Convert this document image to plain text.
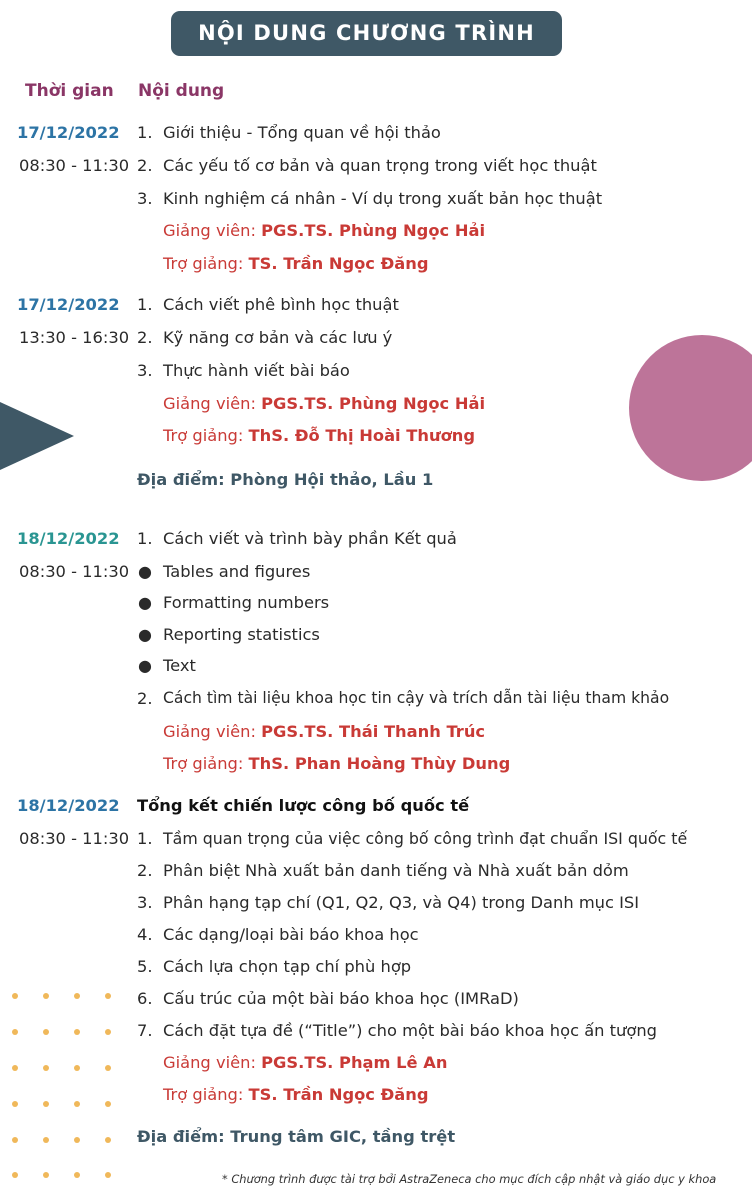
NỘI DUNG CHƯƠNG TRÌNH
Thời gian Nội dung
17/12/2022
08:30 - 11:30
1. Giới thiệu - Tổng quan về hội thảo
2. Các yếu tố cơ bản và quan trọng trong viết học thuật
3. Kinh nghiệm cá nhân - Ví dụ trong xuất bản học thuật
Giảng viên: PGS.TS. Phùng Ngọc Hải
Trợ giảng: TS. Trần Ngọc Đăng
17/12/2022
13:30 - 16:30
1. Cách viết phê bình học thuật
2. Kỹ năng cơ bản và các lưu ý
3. Thực hành viết bài báo
Giảng viên: PGS.TS. Phùng Ngọc Hải
Trợ giảng: ThS. Đỗ Thị Hoài Thương
Địa điểm: Phòng Hội thảo, Lầu 1
18/12/2022
08:30 - 11:30
1. Cách viết và trình bày phần Kết quả
● Tables and figures
● Formatting numbers
● Reporting statistics
● Text
2. Cách tìm tài liệu khoa học tin cậy và trích dẫn tài liệu tham khảo
Giảng viên: PGS.TS. Thái Thanh Trúc
Trợ giảng: ThS. Phan Hoàng Thùy Dung
18/12/2022 Tổng kết chiến lược công bố quốc tế
08:30 - 11:30 1. Tầm quan trọng của việc công bố công trình đạt chuẩn ISI quốc tế
2. Phân biệt Nhà xuất bản danh tiếng và Nhà xuất bản dỏm
3. Phân hạng tạp chí (Q1, Q2, Q3, và Q4) trong Danh mục ISI
4. Các dạng/loại bài báo khoa học
5. Cách lựa chọn tạp chí phù hợp
6. Cấu trúc của một bài báo khoa học (IMRaD)
7. Cách đặt tựa đề (“Title”) cho một bài báo khoa học ấn tượng
Giảng viên: PGS.TS. Phạm Lê An
Trợ giảng: TS. Trần Ngọc Đăng
Địa điểm: Trung tâm GIC, tầng trệt
* Chương trình được tài trợ bởi AstraZeneca cho mục đích cập nhật và giáo dục y khoa
